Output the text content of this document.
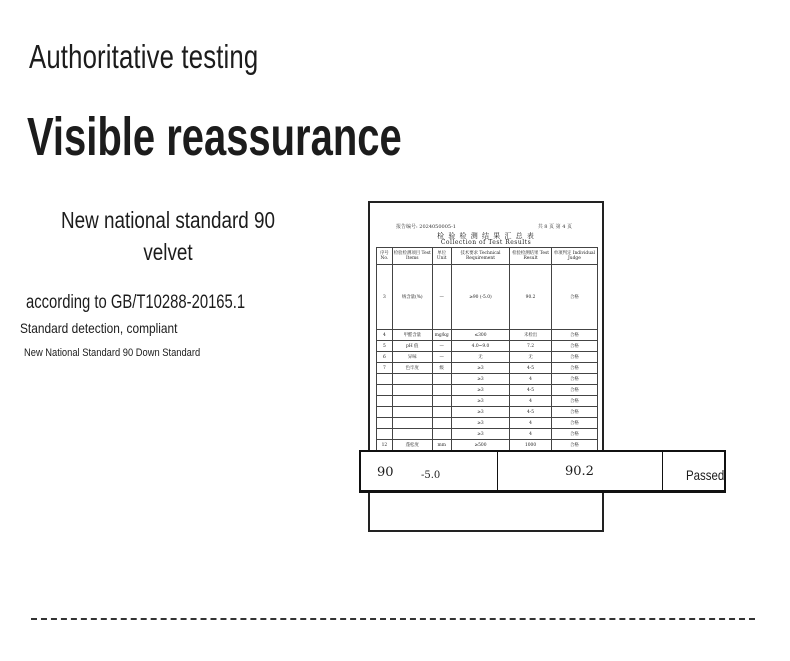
Authoritative testing
Visible reassurance
New national standard 90 velvet
according to GB/T10288-20165.1
Standard detection, compliant
New National Standard 90 Down Standard
报告编号: 2024050005-1	共 8 页 第 4 页
检 验 检 测 结 果 汇 总 表
Collection of Test Results
序号 No.	检验检测项目 Test Items	单位 Unit	技术要求 Technical Requirement	检验检测结果 Test Result	单项判定 Individual Judge
3	绒含量(%)	—	≥90 (-5.0)	90.2	合格
4	甲醛含量	mg/kg	≤300	未检出	合格
5	pH 值	—	4.0~9.0	7.2	合格
6	异味	—	无	无	合格
7	色牢度	级	≥3	4-5	合格
			≥3	4	合格
			≥3	4-5	合格
			≥3	4	合格
			≥3	4-5	合格
			≥3	4	合格
			≥3	4	合格
12	蓬松度	mm	≥500	1000	合格
90	-5.0	90.2	Passed
